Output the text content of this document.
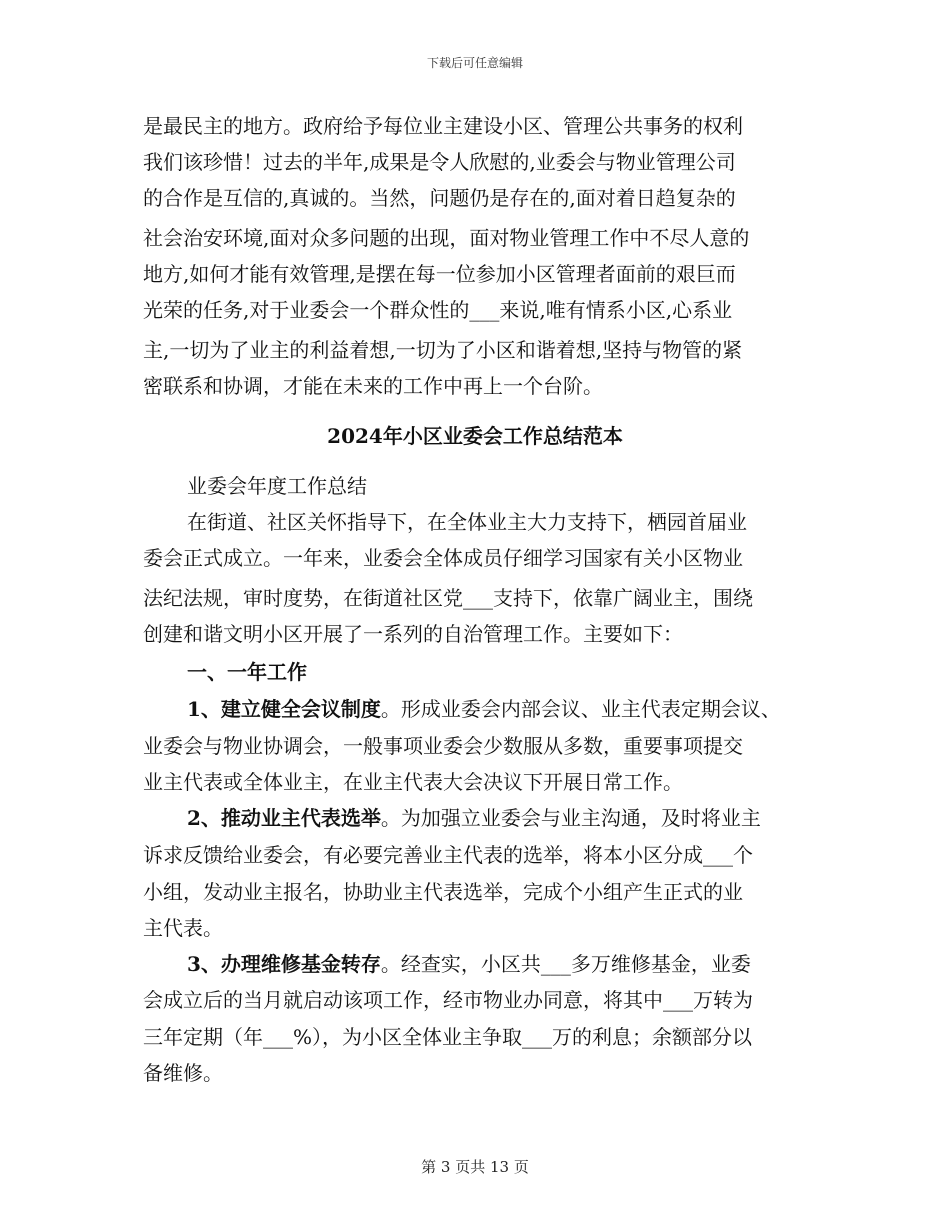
下载后可任意编辑
是最民主的地方。政府给予每位业主建设小区、管理公共事务的权利
我们该珍惜！过去的半年,成果是令人欣慰的,业委会与物业管理公司
的合作是互信的,真诚的。当然，问题仍是存在的,面对着日趋复杂的
社会治安环境,面对众多问题的出现，面对物业管理工作中不尽人意的
地方,如何才能有效管理,是摆在每一位参加小区管理者面前的艰巨而
光荣的任务,对于业委会一个群众性的___来说,唯有情系小区,心系业
主,一切为了业主的利益着想,一切为了小区和谐着想,坚持与物管的紧
密联系和协调，才能在未来的工作中再上一个台阶。
2024年小区业委会工作总结范本
业委会年度工作总结
在街道、社区关怀指导下，在全体业主大力支持下，栖园首届业
委会正式成立。一年来，业委会全体成员仔细学习国家有关小区物业
法纪法规，审时度势，在街道社区党___支持下，依靠广阔业主，围绕
创建和谐文明小区开展了一系列的自治管理工作。主要如下：
一、一年工作
1、建立健全会议制度。形成业委会内部会议、业主代表定期会议、
业委会与物业协调会，一般事项业委会少数服从多数，重要事项提交
业主代表或全体业主，在业主代表大会决议下开展日常工作。
2、推动业主代表选举。为加强立业委会与业主沟通，及时将业主
诉求反馈给业委会，有必要完善业主代表的选举，将本小区分成___个
小组，发动业主报名，协助业主代表选举，完成个小组产生正式的业
主代表。
3、办理维修基金转存。经查实，小区共___多万维修基金，业委
会成立后的当月就启动该项工作，经市物业办同意，将其中___万转为
三年定期（年___%），为小区全体业主争取___万的利息；余额部分以
备维修。
第 3 页共 13 页
